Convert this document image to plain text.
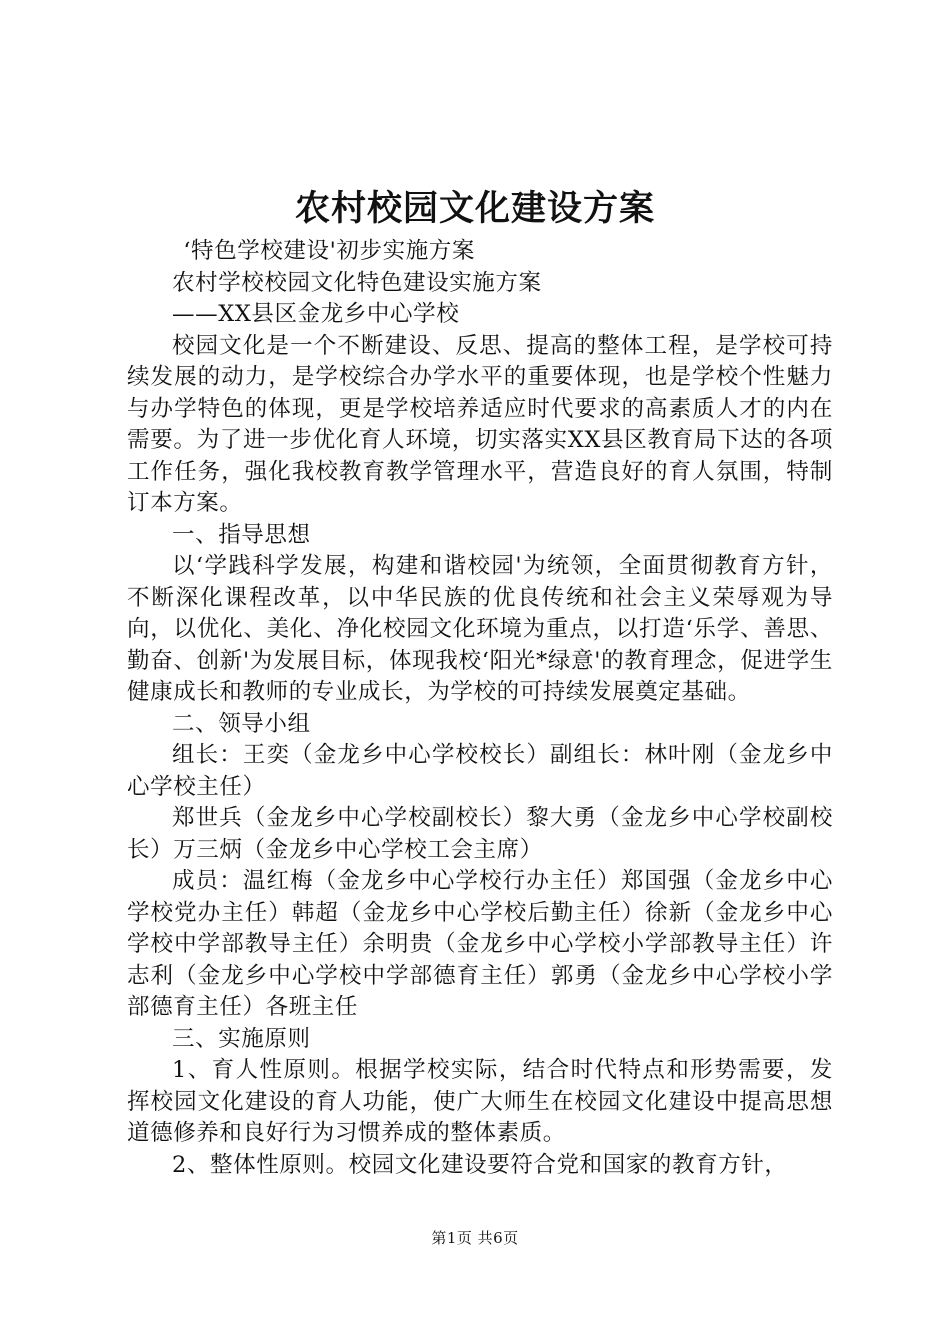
农村校园文化建设方案

‘特色学校建设'初步实施方案

农村学校校园文化特色建设实施方案

——XX县区金龙乡中心学校

校园文化是一个不断建设、反思、提高的整体工程，是学校可持续发展的动力，是学校综合办学水平的重要体现，也是学校个性魅力与办学特色的体现，更是学校培养适应时代要求的高素质人才的内在需要。为了进一步优化育人环境，切实落实XX县区教育局下达的各项工作任务，强化我校教育教学管理水平，营造良好的育人氛围，特制订本方案。

一、指导思想

以‘学践科学发展，构建和谐校园'为统领，全面贯彻教育方针，不断深化课程改革，以中华民族的优良传统和社会主义荣辱观为导向，以优化、美化、净化校园文化环境为重点，以打造‘乐学、善思、勤奋、创新'为发展目标，体现我校‘阳光*绿意'的教育理念，促进学生健康成长和教师的专业成长，为学校的可持续发展奠定基础。

二、领导小组

组长：王奕（金龙乡中心学校校长）副组长：林叶刚（金龙乡中心学校主任）

郑世兵（金龙乡中心学校副校长）黎大勇（金龙乡中心学校副校长）万三炳（金龙乡中心学校工会主席）

成员：温红梅（金龙乡中心学校行办主任）郑国强（金龙乡中心学校党办主任）韩超（金龙乡中心学校后勤主任）徐新（金龙乡中心学校中学部教导主任）余明贵（金龙乡中心学校小学部教导主任）许志利（金龙乡中心学校中学部德育主任）郭勇（金龙乡中心学校小学部德育主任）各班主任

三、实施原则

1、育人性原则。根据学校实际，结合时代特点和形势需要，发挥校园文化建设的育人功能，使广大师生在校园文化建设中提高思想道德修养和良好行为习惯养成的整体素质。

2、整体性原则。校园文化建设要符合党和国家的教育方针，

第1页 共6页
